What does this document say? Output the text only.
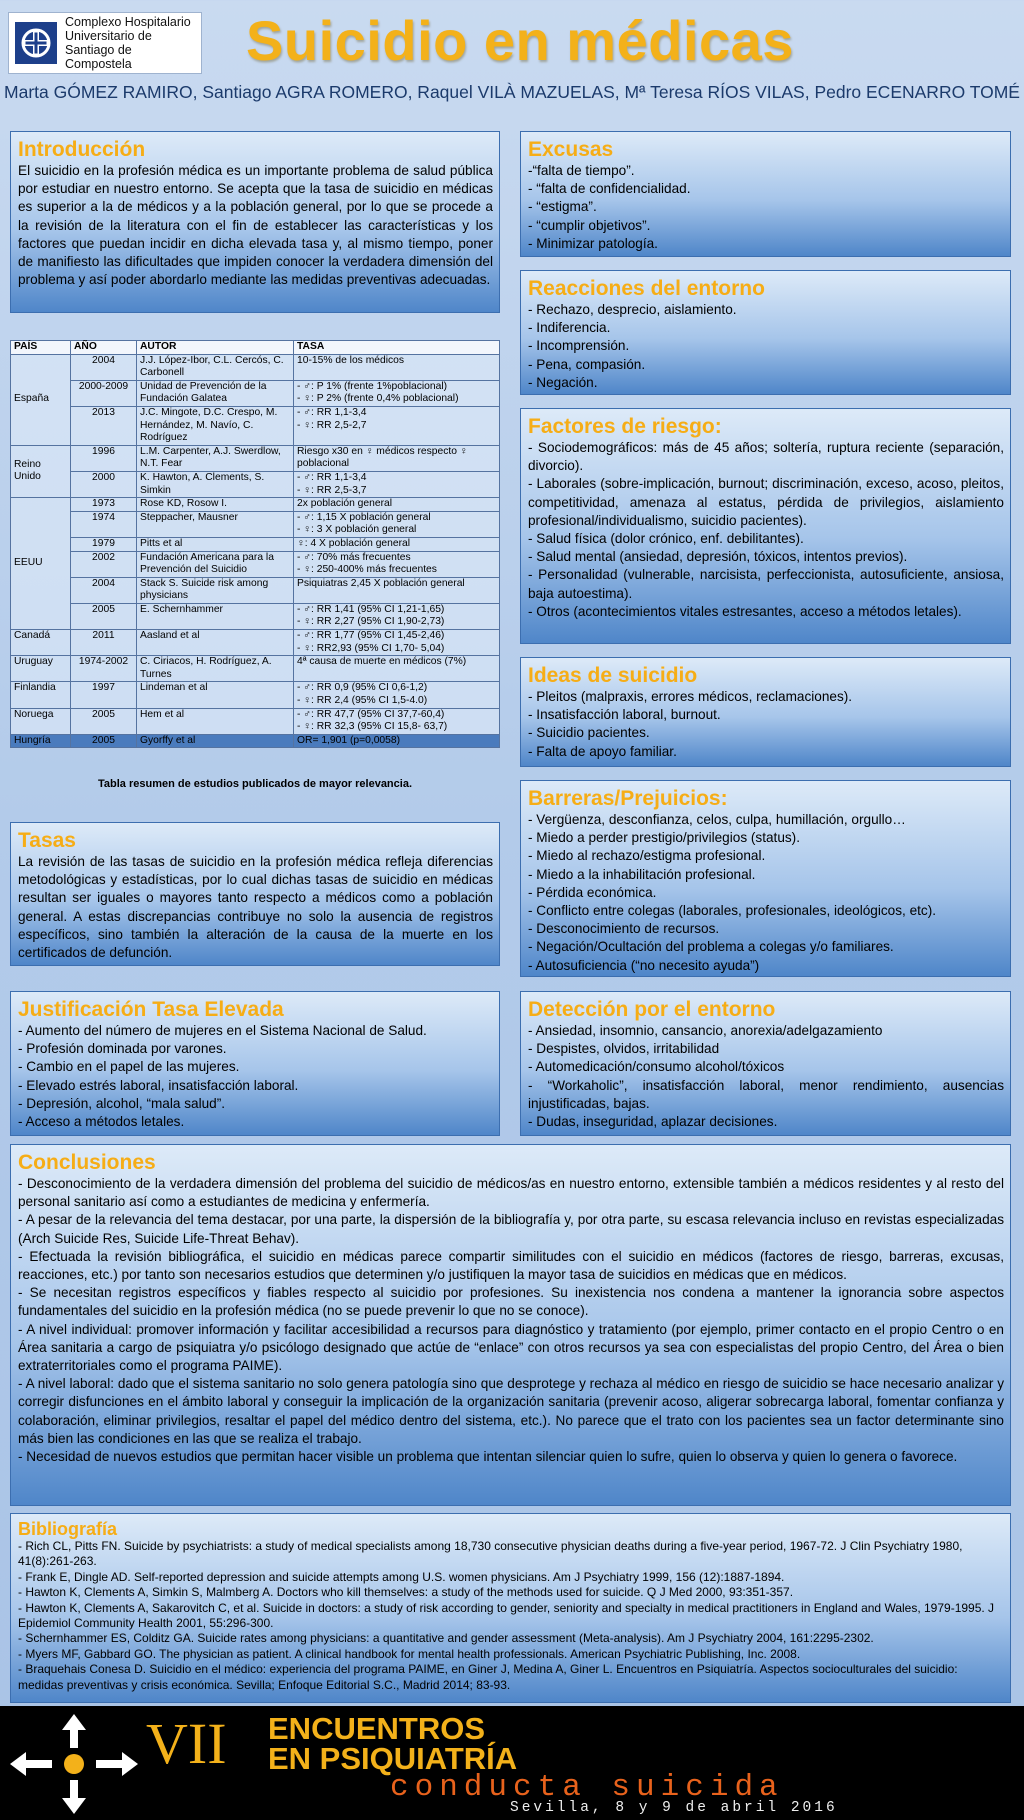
Complexo Hospitalario
Universitario de
Santiago de Compostela	Suicidio en médicas
Marta GÓMEZ RAMIRO, Santiago AGRA ROMERO, Raquel VILÀ MAZUELAS, Mª Teresa RÍOS VILAS, Pedro ECENARRO TOMÉ
Introducción
El suicidio en la profesión médica es un importante problema de salud pública por estudiar en nuestro entorno. Se acepta que la tasa de suicidio en médicas es superior a la de médicos y a la población general, por lo que se procede a la revisión de la literatura con el fin de establecer las características y los factores que puedan incidir en dicha elevada tasa y, al mismo tiempo, poner de manifiesto las dificultades que impiden conocer la verdadera dimensión del problema y así poder abordarlo mediante las medidas preventivas adecuadas.
PAÍS	AÑO	AUTOR	TASA
España	2004	J.J. López-Ibor, C.L. Cercós, C. Carbonell	10-15% de los médicos
	2000-2009	Unidad de Prevención de la Fundación Galatea	- ♂: P 1% (frente 1%poblacional)
- ♀: P 2% (frente 0,4% poblacional)
	2013	J.C. Mingote, D.C. Crespo, M. Hernández, M. Navío, C. Rodríguez	- ♂: RR 1,1-3,4
- ♀: RR 2,5-2,7
Reino Unido	1996	L.M. Carpenter, A.J. Swerdlow, N.T. Fear	Riesgo x30 en ♀ médicos respecto ♀ poblacional
	2000	K. Hawton, A. Clements, S. Simkin	- ♂: RR 1,1-3,4
- ♀: RR 2,5-3,7
EEUU	1973	Rose KD, Rosow I.	2x población general
	1974	Steppacher, Mausner	- ♂: 1,15 X población general
- ♀: 3 X población general
	1979	Pitts et al	♀: 4 X población general
	2002	Fundación Americana para la Prevención del Suicidio	- ♂: 70% más frecuentes
- ♀: 250-400% más frecuentes
	2004	Stack S. Suicide risk among physicians	Psiquiatras 2,45 X población general
	2005	E. Schernhammer	- ♂: RR 1,41 (95% CI 1,21-1,65)
- ♀: RR 2,27 (95% CI 1,90-2,73)
Canadá	2011	Aasland et al	- ♂: RR 1,77 (95% CI 1,45-2,46)
- ♀: RR2,93 (95% CI 1,70- 5,04)
Uruguay	1974-2002	C. Ciriacos, H. Rodríguez, A. Turnes	4ª causa de muerte en médicos (7%)
Finlandia	1997	Lindeman et al	- ♂: RR 0,9 (95% CI 0,6-1,2)
- ♀: RR 2,4 (95% CI 1,5-4.0)
Noruega	2005	Hem et al	- ♂: RR 47,7 (95% CI 37,7-60,4)
- ♀: RR 32,3 (95% CI 15,8- 63,7)
Hungría	2005	Gyorffy et al	OR= 1,901 (p=0,0058)
Tabla resumen de estudios publicados de mayor relevancia.
Tasas
La revisión de las tasas de suicidio en la profesión médica refleja diferencias metodológicas y estadísticas, por lo cual dichas tasas de suicidio en médicas resultan ser iguales o mayores tanto respecto a médicos como a población general. A estas discrepancias contribuye no solo la ausencia de registros específicos, sino también la alteración de la causa de la muerte en los certificados de defunción.
Justificación Tasa Elevada
- Aumento del número de mujeres en el Sistema Nacional de Salud.
- Profesión dominada por varones.
- Cambio en el papel de las mujeres.
- Elevado estrés laboral, insatisfacción laboral.
- Depresión, alcohol, “mala salud”.
- Acceso a métodos letales.
Excusas
-“falta de tiempo”.
- “falta de confidencialidad.
- “estigma”.
- “cumplir objetivos”.
- Minimizar patología.
Reacciones del entorno
- Rechazo, desprecio, aislamiento.
- Indiferencia.
- Incomprensión.
- Pena, compasión.
- Negación.
Factores de riesgo:
- Sociodemográficos: más de 45 años; soltería, ruptura reciente (separación, divorcio).
- Laborales (sobre-implicación, burnout; discriminación, exceso, acoso, pleitos, competitividad, amenaza al estatus, pérdida de privilegios, aislamiento profesional/individualismo, suicidio pacientes).
- Salud física (dolor crónico, enf. debilitantes).
- Salud mental (ansiedad, depresión, tóxicos, intentos previos).
- Personalidad (vulnerable, narcisista, perfeccionista, autosuficiente, ansiosa, baja autoestima).
- Otros (acontecimientos vitales estresantes, acceso a métodos letales).
Ideas de suicidio
- Pleitos (malpraxis, errores médicos, reclamaciones).
- Insatisfacción laboral, burnout.
- Suicidio pacientes.
- Falta de apoyo familiar.
Barreras/Prejuicios:
- Vergüenza, desconfianza, celos, culpa, humillación, orgullo…
- Miedo a perder prestigio/privilegios (status).
- Miedo al rechazo/estigma profesional.
- Miedo a la inhabilitación profesional.
- Pérdida económica.
- Conflicto entre colegas (laborales, profesionales, ideológicos, etc).
- Desconocimiento de recursos.
- Negación/Ocultación del problema a colegas y/o familiares.
- Autosuficiencia (“no necesito ayuda”)
Detección por el entorno
- Ansiedad, insomnio, cansancio, anorexia/adelgazamiento
- Despistes, olvidos, irritabilidad
- Automedicación/consumo alcohol/tóxicos
- “Workaholic”, insatisfacción laboral, menor rendimiento, ausencias injustificadas, bajas.
- Dudas, inseguridad, aplazar decisiones.
Conclusiones
- Desconocimiento de la verdadera dimensión del problema del suicidio de médicos/as en nuestro entorno, extensible también a médicos residentes y al resto del personal sanitario así como a estudiantes de medicina y enfermería.
- A pesar de la relevancia del tema destacar, por una parte, la dispersión de la bibliografía y, por otra parte, su escasa relevancia incluso en revistas especializadas (Arch Suicide Res, Suicide Life-Threat Behav).
- Efectuada la revisión bibliográfica, el suicidio en médicas parece compartir similitudes con el suicidio en médicos (factores de riesgo, barreras, excusas, reacciones, etc.) por tanto son necesarios estudios que determinen y/o justifiquen la mayor tasa de suicidios en médicas que en médicos.
- Se necesitan registros específicos y fiables respecto al suicidio por profesiones. Su inexistencia nos condena a mantener la ignorancia sobre aspectos fundamentales del suicidio en la profesión médica (no se puede prevenir lo que no se conoce).
- A nivel individual: promover información y facilitar accesibilidad a recursos para diagnóstico y tratamiento (por ejemplo, primer contacto en el propio Centro o en Área sanitaria a cargo de psiquiatra y/o psicólogo designado que actúe de “enlace” con otros recursos ya sea con especialistas del propio Centro, del Área o bien extraterritoriales como el programa PAIME).
- A nivel laboral: dado que el sistema sanitario no solo genera patología sino que desprotege y rechaza al médico en riesgo de suicidio se hace necesario analizar y corregir disfunciones en el ámbito laboral y conseguir la implicación de la organización sanitaria (prevenir acoso, aligerar sobrecarga laboral, fomentar confianza y colaboración, eliminar privilegios, resaltar el papel del médico dentro del sistema, etc.). No parece que el trato con los pacientes sea un factor determinante sino más bien las condiciones en las que se realiza el trabajo.
- Necesidad de nuevos estudios que permitan hacer visible un problema que intentan silenciar quien lo sufre, quien lo observa y quien lo genera o favorece.
Bibliografía
- Rich CL, Pitts FN. Suicide by psychiatrists: a study of medical specialists among 18,730 consecutive physician deaths during a five-year period, 1967-72. J Clin Psychiatry 1980, 41(8):261-263.
- Frank E, Dingle AD. Self-reported depression and suicide attempts among U.S. women physicians. Am J Psychiatry 1999, 156 (12):1887-1894.
- Hawton K, Clements A, Simkin S, Malmberg A. Doctors who kill themselves: a study of the methods used for suicide. Q J Med 2000, 93:351-357.
- Hawton K, Clements A, Sakarovitch C, et al. Suicide in doctors: a study of risk according to gender, seniority and specialty in medical practitioners in England and Wales, 1979-1995. J Epidemiol Community Health 2001, 55:296-300.
- Schernhammer ES, Colditz GA. Suicide rates among physicians: a quantitative and gender assessment (Meta-analysis). Am J Psychiatry 2004, 161:2295-2302.
- Myers MF, Gabbard GO. The physician as patient. A clinical handbook for mental health professionals. American Psychiatric Publishing, Inc. 2008.
- Braquehais Conesa D. Suicidio en el médico: experiencia del programa PAIME, en Giner J, Medina A, Giner L. Encuentros en Psiquiatría. Aspectos socioculturales del suicidio: medidas preventivas y crisis económica. Sevilla; Enfoque Editorial S.C., Madrid 2014; 83-93.
VII ENCUENTROS
EN PSIQUIATRÍA
conducta suicida
Sevilla, 8 y 9 de abril 2016
